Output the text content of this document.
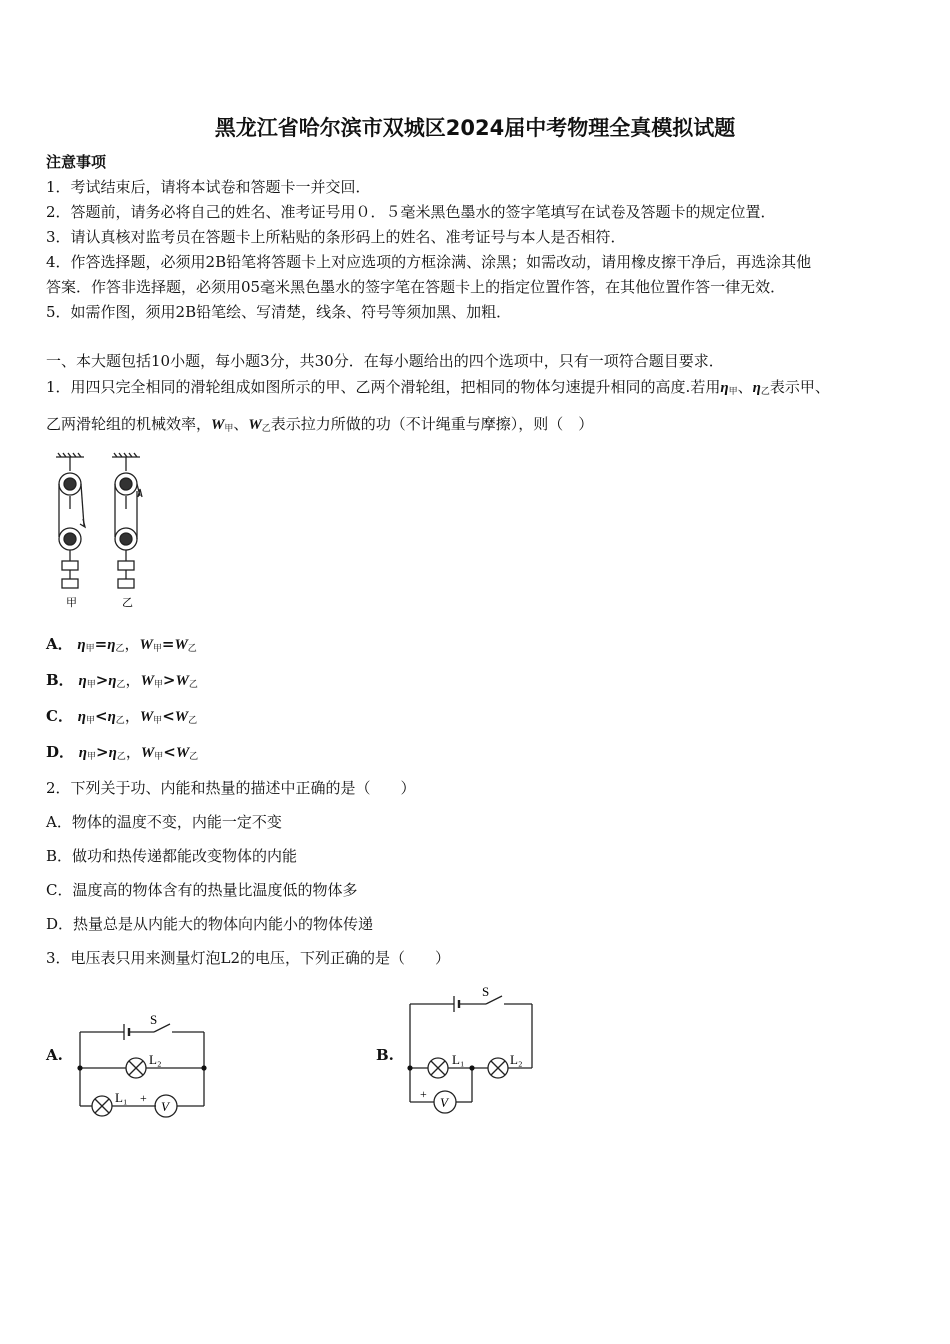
黑龙江省哈尔滨市双城区2024届中考物理全真模拟试题
注意事项
1．考试结束后，请将本试卷和答题卡一并交回．
2．答题前，请务必将自己的姓名、准考证号用０．５毫米黑色墨水的签字笔填写在试卷及答题卡的规定位置．
3．请认真核对监考员在答题卡上所粘贴的条形码上的姓名、准考证号与本人是否相符．
4．作答选择题，必须用2B铅笔将答题卡上对应选项的方框涂满、涂黑；如需改动，请用橡皮擦干净后，再选涂其他
答案．作答非选择题，必须用05毫米黑色墨水的签字笔在答题卡上的指定位置作答，在其他位置作答一律无效．
5．如需作图，须用2B铅笔绘、写清楚，线条、符号等须加黑、加粗．
一、本大题包括10小题，每小题3分，共30分．在每小题给出的四个选项中，只有一项符合题目要求．
1．用四只完全相同的滑轮组成如图所示的甲、乙两个滑轮组，把相同的物体匀速提升相同的高度.若用$\eta_甲$、$\eta_乙$表示甲、
乙两滑轮组的机械效率，$W_甲$、$W_乙$表示拉力所做的功（不计绳重与摩擦），则（　）
甲	乙
A． $\eta_甲=\eta_乙$，$W_甲=W_乙$
B． $\eta_甲>\eta_乙$，$W_甲>W_乙$
C． $\eta_甲<\eta_乙$，$W_甲<W_乙$
D． $\eta_甲>\eta_乙$，$W_甲<W_乙$
2．下列关于功、内能和热量的描述中正确的是（　　）
A．物体的温度不变，内能一定不变
B．做功和热传递都能改变物体的内能
C．温度高的物体含有的热量比温度低的物体多
D．热量总是从内能大的物体向内能小的物体传递
3．电压表只用来测量灯泡L2的电压，下列正确的是（　　）
A.
S
L₂
L₁ +
V
B.
S
L₁	L₂
+
V
